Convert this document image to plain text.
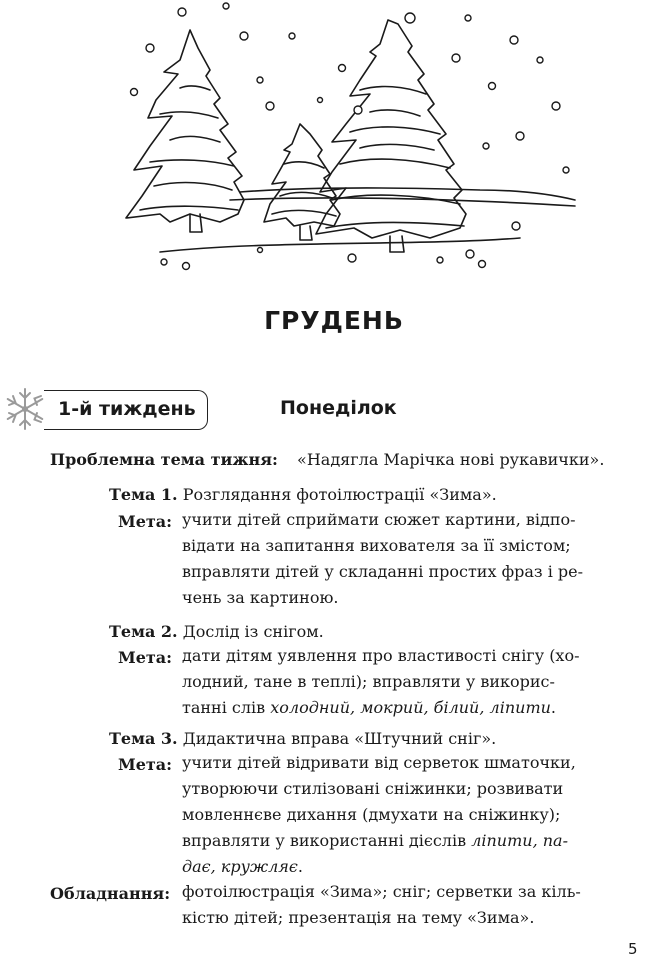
ГРУДЕНЬ
1-й тиждень	Понеділок
Проблемна тема тижня: «Надягла Марічка нові рукавички».
Тема 1. Розглядання фотоілюстрації «Зима».
Мета: учити дітей сприймати сюжет картини, відпо-
відати на запитання вихователя за її змістом;
вправляти дітей у складанні простих фраз і ре-
чень за картиною.
Тема 2. Дослід із снігом.
Мета: дати дітям уявлення про властивості снігу (хо-
лодний, тане в теплі); вправляти у викорис-
танні слів холодний, мокрий, білий, ліпити.
Тема 3. Дидактична вправа «Штучний сніг».
Мета: учити дітей відривати від серветок шматочки,
утворюючи стилізовані сніжинки; розвивати
мовленнєве дихання (дмухати на сніжинку);
вправляти у використанні дієслів ліпити, па-
дає, кружляє.
Обладнання: фотоілюстрація «Зима»; сніг; серветки за кіль-
кістю дітей; презентація на тему «Зима».
5
